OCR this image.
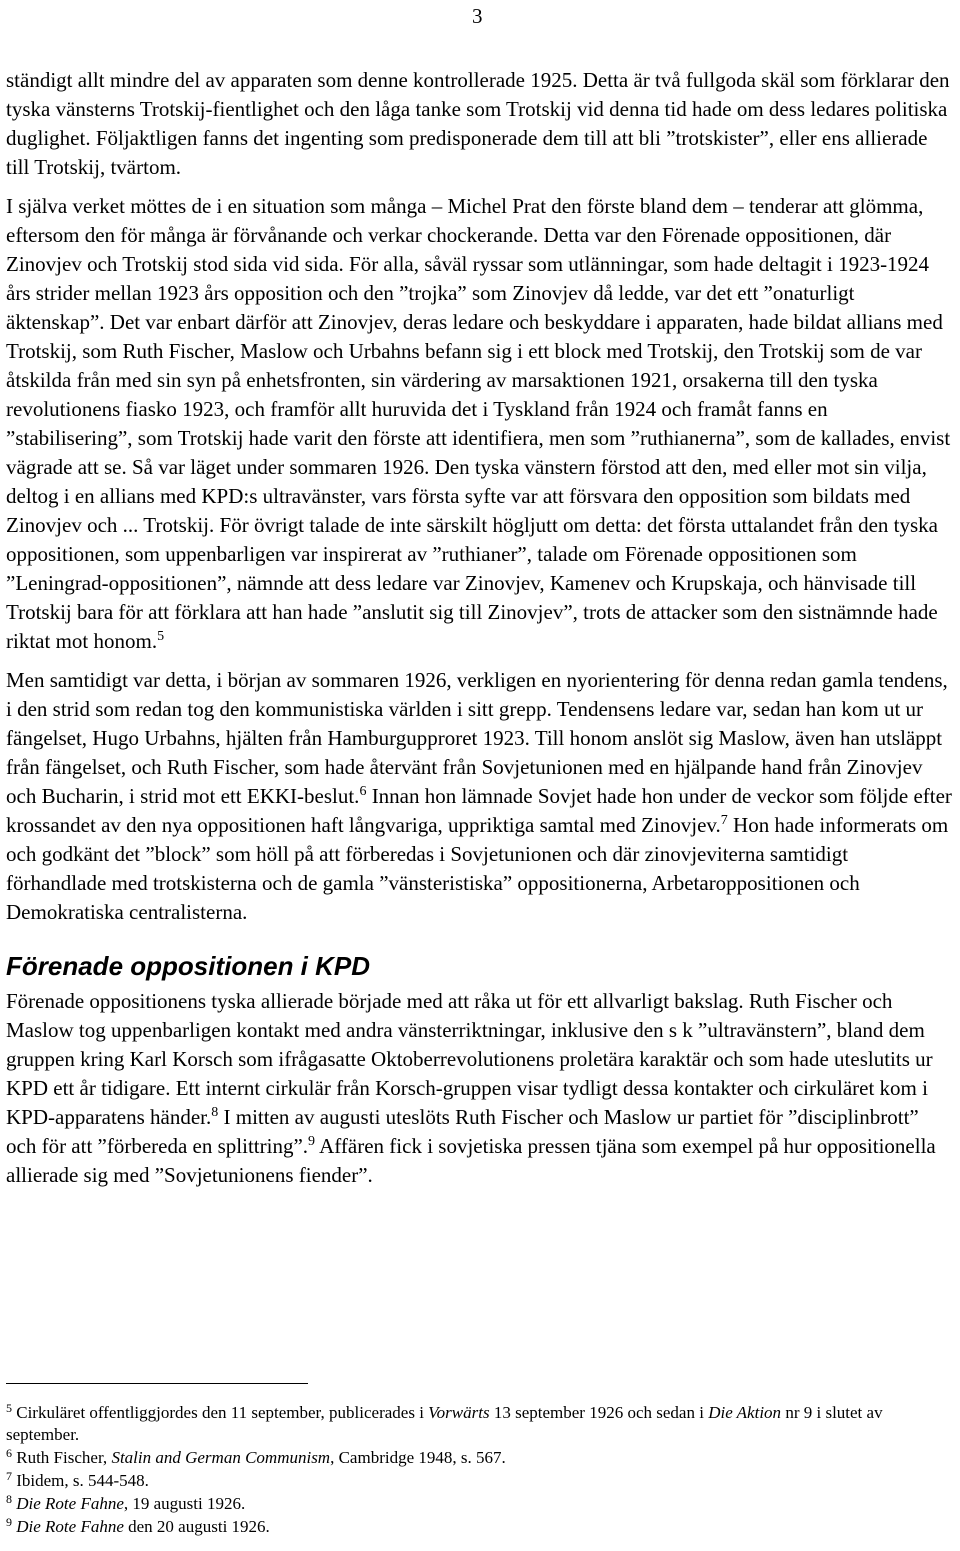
3

ständigt allt mindre del av apparaten som denne kontrollerade 1925. Detta är två fullgoda skäl som förklarar den tyska vänsterns Trotskij-fientlighet och den låga tanke som Trotskij vid denna tid hade om dess ledares politiska duglighet. Följaktligen fanns det ingenting som predisponerade dem till att bli ”trotskister”, eller ens allierade till Trotskij, tvärtom.

I själva verket möttes de i en situation som många – Michel Prat den förste bland dem – tenderar att glömma, eftersom den för många är förvånande och verkar chockerande. Detta var den Förenade oppositionen, där Zinovjev och Trotskij stod sida vid sida. För alla, såväl ryssar som utlänningar, som hade deltagit i 1923-1924 års strider mellan 1923 års opposition och den ”trojka” som Zinovjev då ledde, var det ett ”onaturligt äktenskap”. Det var enbart därför att Zinovjev, deras ledare och beskyddare i apparaten, hade bildat allians med Trotskij, som Ruth Fischer, Maslow och Urbahns befann sig i ett block med Trotskij, den Trotskij som de var åtskilda från med sin syn på enhetsfronten, sin värdering av marsaktionen 1921, orsakerna till den tyska revolutionens fiasko 1923, och framför allt huruvida det i Tyskland från 1924 och framåt fanns en ”stabilisering”, som Trotskij hade varit den förste att identifiera, men som ”ruthianerna”, som de kallades, envist vägrade att se. Så var läget under sommaren 1926. Den tyska vänstern förstod att den, med eller mot sin vilja, deltog i en allians med KPD:s ultravänster, vars första syfte var att försvara den opposition som bildats med Zinovjev och ... Trotskij. För övrigt talade de inte särskilt högljutt om detta: det första uttalandet från den tyska oppositionen, som uppenbarligen var inspirerat av ”ruthianer”, talade om Förenade oppositionen som ”Leningrad-oppositionen”, nämnde att dess ledare var Zinovjev, Kamenev och Krupskaja, och hänvisade till Trotskij bara för att förklara att han hade ”anslutit sig till Zinovjev”, trots de attacker som den sistnämnde hade riktat mot honom.$^5$

Men samtidigt var detta, i början av sommaren 1926, verkligen en nyorientering för denna redan gamla tendens, i den strid som redan tog den kommunistiska världen i sitt grepp. Tendensens ledare var, sedan han kom ut ur fängelset, Hugo Urbahns, hjälten från Hamburgupproret 1923. Till honom anslöt sig Maslow, även han utsläppt från fängelset, och Ruth Fischer, som hade återvänt från Sovjetunionen med en hjälpande hand från Zinovjev och Bucharin, i strid mot ett EKKI-beslut.$^6$ Innan hon lämnade Sovjet hade hon under de veckor som följde efter krossandet av den nya oppositionen haft långvariga, uppriktiga samtal med Zinovjev.$^7$ Hon hade informerats om och godkänt det ”block” som höll på att förberedas i Sovjetunionen och där zinovjeviterna samtidigt förhandlade med trotskisterna och de gamla ”vänsteristiska” oppositionerna, Arbetaroppositionen och Demokratiska centralisterna.

Förenade oppositionen i KPD

Förenade oppositionens tyska allierade började med att råka ut för ett allvarligt bakslag. Ruth Fischer och Maslow tog uppenbarligen kontakt med andra vänsterriktningar, inklusive den s k ”ultravänstern”, bland dem gruppen kring Karl Korsch som ifrågasatte Oktoberrevolutionens proletära karaktär och som hade uteslutits ur KPD ett år tidigare. Ett internt cirkulär från Korsch-gruppen visar tydligt dessa kontakter och cirkuläret kom i KPD-apparatens händer.$^8$ I mitten av augusti uteslöts Ruth Fischer och Maslow ur partiet för ”disciplinbrott” och för att ”förbereda en splittring”.$^9$ Affären fick i sovjetiska pressen tjäna som exempel på hur oppositionella allierade sig med ”Sovjetunionens fiender”.

$^5$ Cirkuläret offentliggjordes den 11 september, publicerades i Vorwärts 13 september 1926 och sedan i Die Aktion nr 9 i slutet av september.
$^6$ Ruth Fischer, Stalin and German Communism, Cambridge 1948, s. 567.
$^7$ Ibidem, s. 544-548.
$^8$ Die Rote Fahne, 19 augusti 1926.
$^9$ Die Rote Fahne den 20 augusti 1926.
